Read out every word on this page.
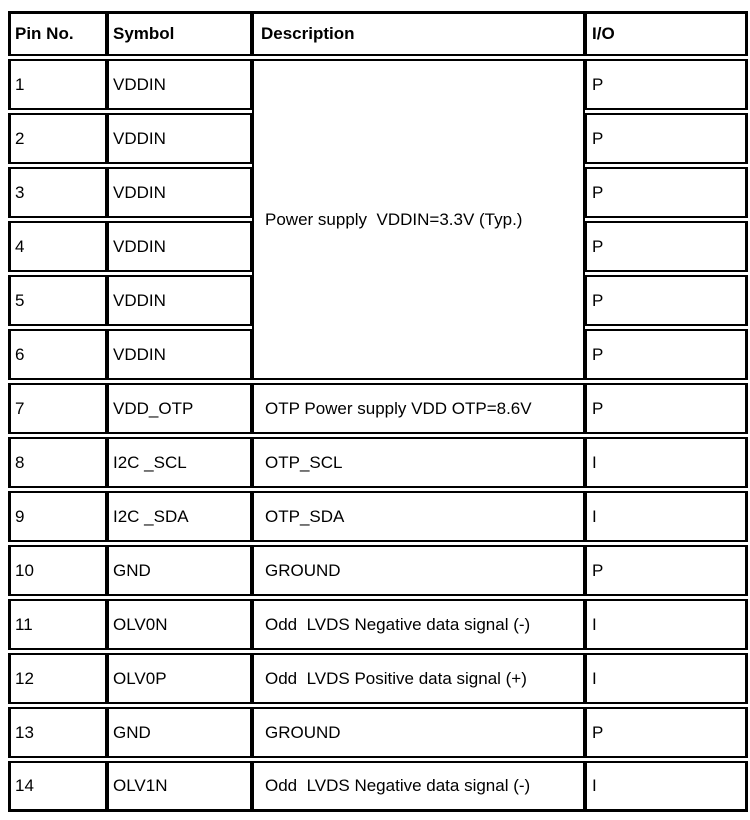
Pin No.	Symbol	Description	I/O
1	VDDIN	Power supply  VDDIN=3.3V (Typ.)	P
2	VDDIN		P
3	VDDIN		P
4	VDDIN		P
5	VDDIN		P
6	VDDIN		P
7	VDD_OTP	OTP Power supply VDD OTP=8.6V	P
8	I2C _SCL	OTP_SCL	I
9	I2C _SDA	OTP_SDA	I
10	GND	GROUND	P
11	OLV0N	Odd  LVDS Negative data signal (-)	I
12	OLV0P	Odd  LVDS Positive data signal (+)	I
13	GND	GROUND	P
14	OLV1N	Odd  LVDS Negative data signal (-)	I
